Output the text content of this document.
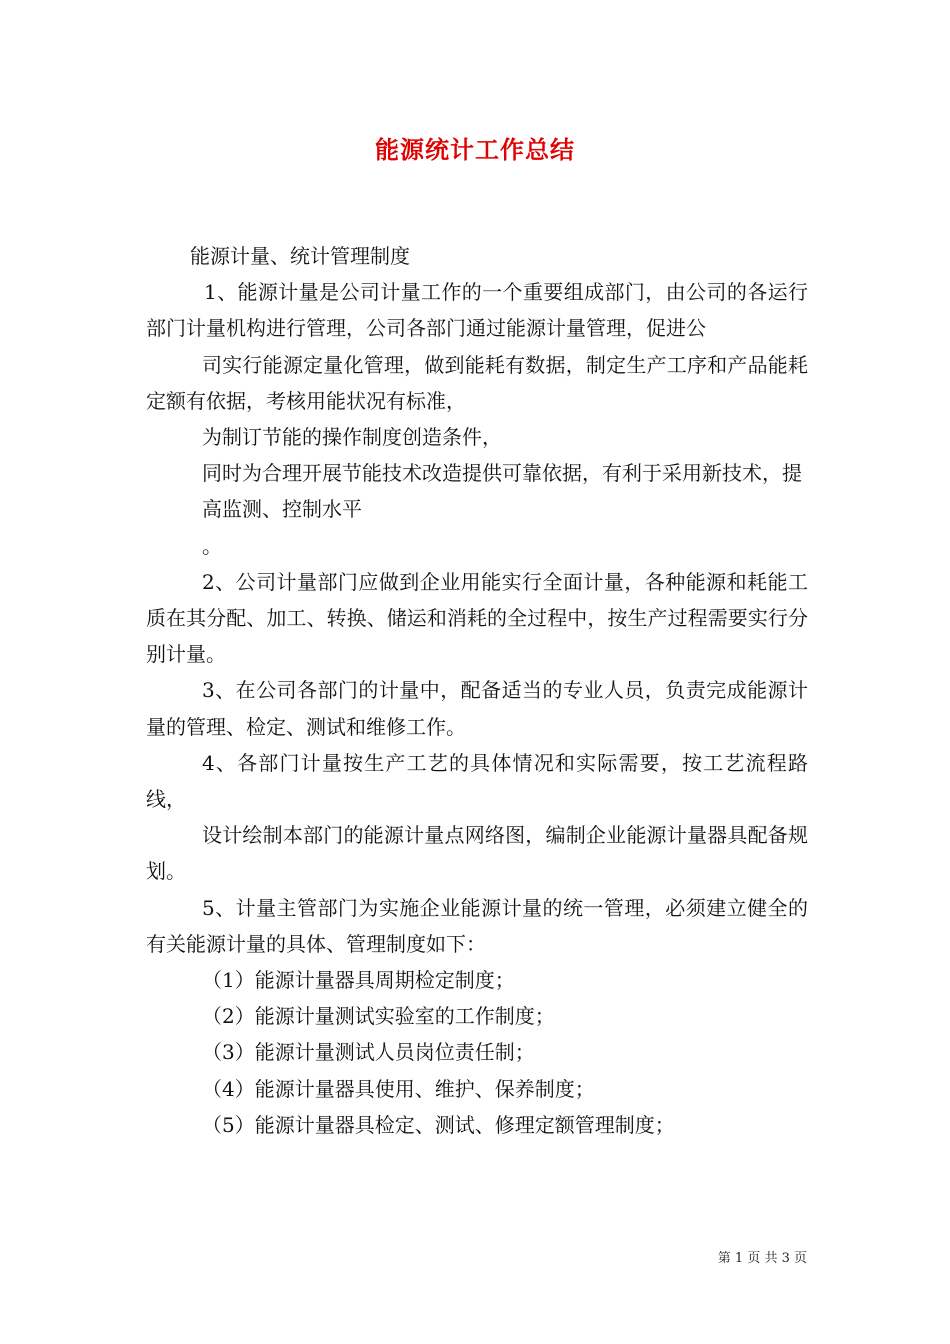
能源统计工作总结

能源计量、统计管理制度

1、能源计量是公司计量工作的一个重要组成部门，由公司的各运行部门计量机构进行管理，公司各部门通过能源计量管理，促进公

司实行能源定量化管理，做到能耗有数据，制定生产工序和产品能耗定额有依据，考核用能状况有标准，

为制订节能的操作制度创造条件，

同时为合理开展节能技术改造提供可靠依据，有利于采用新技术，提

高监测、控制水平

。

2、公司计量部门应做到企业用能实行全面计量，各种能源和耗能工质在其分配、加工、转换、储运和消耗的全过程中，按生产过程需要实行分别计量。

3、在公司各部门的计量中，配备适当的专业人员，负责完成能源计量的管理、检定、测试和维修工作。

4、各部门计量按生产工艺的具体情况和实际需要，按工艺流程路线，

设计绘制本部门的能源计量点网络图，编制企业能源计量器具配备规划。

5、计量主管部门为实施企业能源计量的统一管理，必须建立健全的有关能源计量的具体、管理制度如下：

（1）能源计量器具周期检定制度；

（2）能源计量测试实验室的工作制度；

（3）能源计量测试人员岗位责任制；

（4）能源计量器具使用、维护、保养制度；

（5）能源计量器具检定、测试、修理定额管理制度；

第 1 页 共 3 页
